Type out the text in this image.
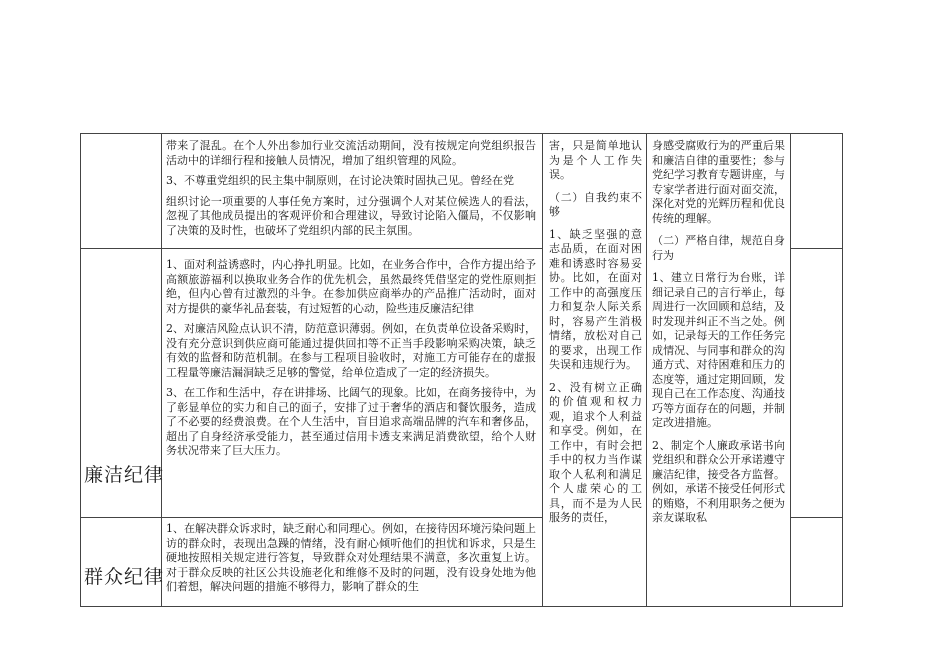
廉洁纪律
群众纪律

带来了混乱。在个人外出参加行业交流活动期间，没有按规定向党组织报告活动中的详细行程和接触人员情况，增加了组织管理的风险。

3、不尊重党组织的民主集中制原则，在讨论决策时固执己见。曾经在党

组织讨论一项重要的人事任免方案时，过分强调个人对某位候选人的看法，忽视了其他成员提出的客观评价和合理建议，导致讨论陷入僵局，不仅影响了决策的及时性，也破坏了党组织内部的民主氛围。

1、面对利益诱惑时，内心挣扎明显。比如，在业务合作中，合作方提出给予高额旅游福利以换取业务合作的优先机会，虽然最终凭借坚定的党性原则拒绝，但内心曾有过激烈的斗争。在参加供应商举办的产品推广活动时，面对对方提供的豪华礼品套装，有过短暂的心动，险些违反廉洁纪律

2、对廉洁风险点认识不清，防范意识薄弱。例如，在负责单位设备采购时，没有充分意识到供应商可能通过提供回扣等不正当手段影响采购决策，缺乏有效的监督和防范机制。在参与工程项目验收时，对施工方可能存在的虚报工程量等廉洁漏洞缺乏足够的警觉，给单位造成了一定的经济损失。

3、在工作和生活中，存在讲排场、比阔气的现象。比如，在商务接待中，为了彰显单位的实力和自己的面子，安排了过于奢华的酒店和餐饮服务，造成了不必要的经费浪费。在个人生活中，盲目追求高端品牌的汽车和奢侈品，超出了自身经济承受能力，甚至通过信用卡透支来满足消费欲望，给个人财务状况带来了巨大压力。

1、在解决群众诉求时，缺乏耐心和同理心。例如，在接待因环境污染问题上访的群众时，表现出急躁的情绪，没有耐心倾听他们的担忧和诉求，只是生硬地按照相关规定进行答复，导致群众对处理结果不满意，多次重复上访。对于群众反映的社区公共设施老化和维修不及时的问题，没有设身处地为他们着想，解决问题的措施不够得力，影响了群众的生

害，只是简单地认为是个人工作失误。

（二）自我约束不够

1、缺乏坚强的意志品质，在面对困难和诱惑时容易妥协。比如，在面对工作中的高强度压力和复杂人际关系时，容易产生消极情绪，放松对自己的要求，出现工作失误和违规行为。

2、没有树立正确的价值观和权力观，追求个人利益和享受。例如，在工作中，有时会把手中的权力当作谋取个人私利和满足个人虚荣心的工具，而不是为人民服务的责任，

身感受腐败行为的严重后果和廉洁自律的重要性；参与党纪学习教育专题讲座，与专家学者进行面对面交流，深化对党的光辉历程和优良传统的理解。

（二）严格自律，规范自身行为

1、建立日常行为台账，详细记录自己的言行举止，每周进行一次回顾和总结，及时发现并纠正不当之处。例如，记录每天的工作任务完成情况、与同事和群众的沟通方式、对待困难和压力的态度等，通过定期回顾，发现自己在工作态度、沟通技巧等方面存在的问题，并制定改进措施。

2、制定个人廉政承诺书向党组织和群众公开承诺遵守廉洁纪律，接受各方监督。例如，承诺不接受任何形式的贿赂，不利用职务之便为亲友谋取私
